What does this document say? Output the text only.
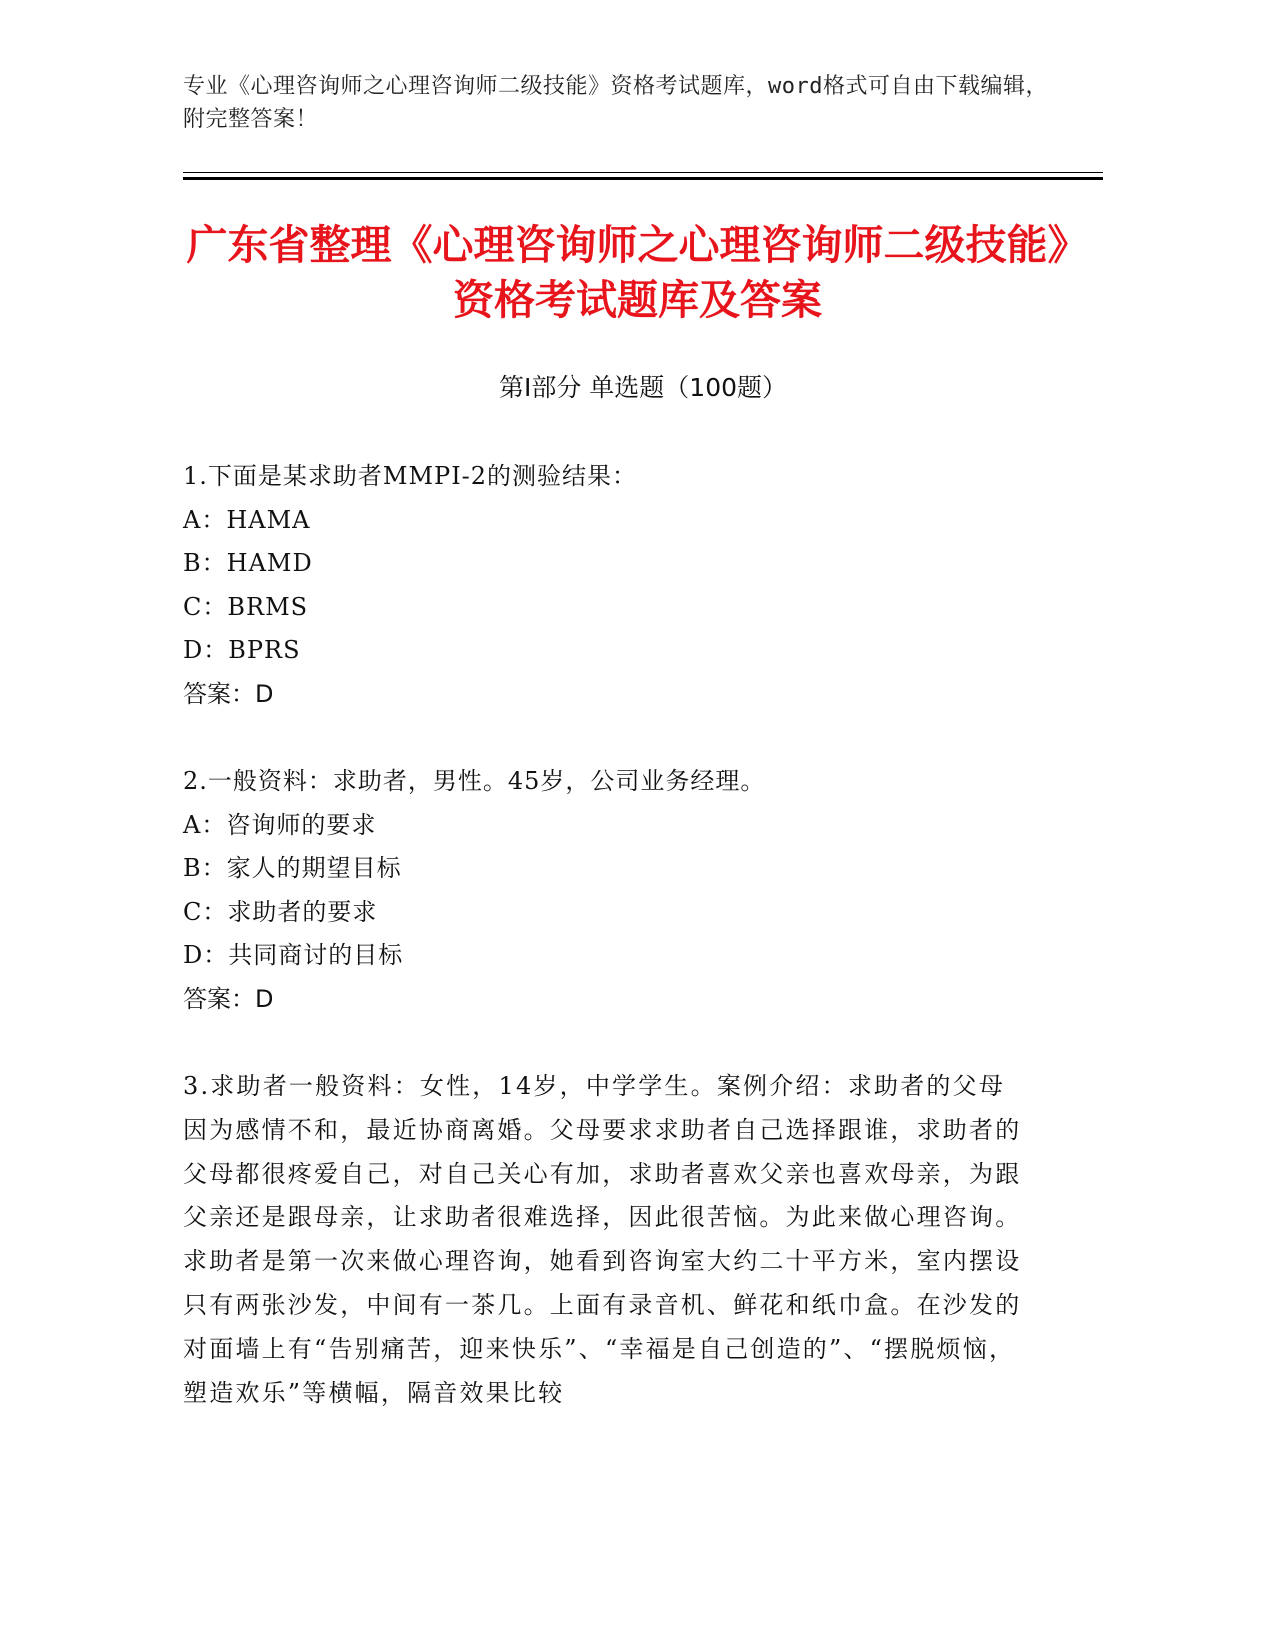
专业《心理咨询师之心理咨询师二级技能》资格考试题库，word格式可自由下载编辑，附完整答案！
广东省整理《心理咨询师之心理咨询师二级技能》资格考试题库及答案
第Ⅰ部分 单选题（100题）
1.下面是某求助者MMPI-2的测验结果：
A：HAMA
B：HAMD
C：BRMS
D：BPRS
答案：D
2.一般资料：求助者，男性。45岁，公司业务经理。
A：咨询师的要求
B：家人的期望目标
C：求助者的要求
D：共同商讨的目标
答案：D
3.求助者一般资料：女性，14岁，中学学生。案例介绍：求助者的父母因为感情不和，最近协商离婚。父母要求求助者自己选择跟谁，求助者的父母都很疼爱自己，对自己关心有加，求助者喜欢父亲也喜欢母亲，为跟父亲还是跟母亲，让求助者很难选择，因此很苦恼。为此来做心理咨询。求助者是第一次来做心理咨询，她看到咨询室大约二十平方米，室内摆设只有两张沙发，中间有一茶几。上面有录音机、鲜花和纸巾盒。在沙发的对面墙上有“告别痛苦，迎来快乐”、“幸福是自己创造的”、“摆脱烦恼，塑造欢乐”等横幅，隔音效果比较
